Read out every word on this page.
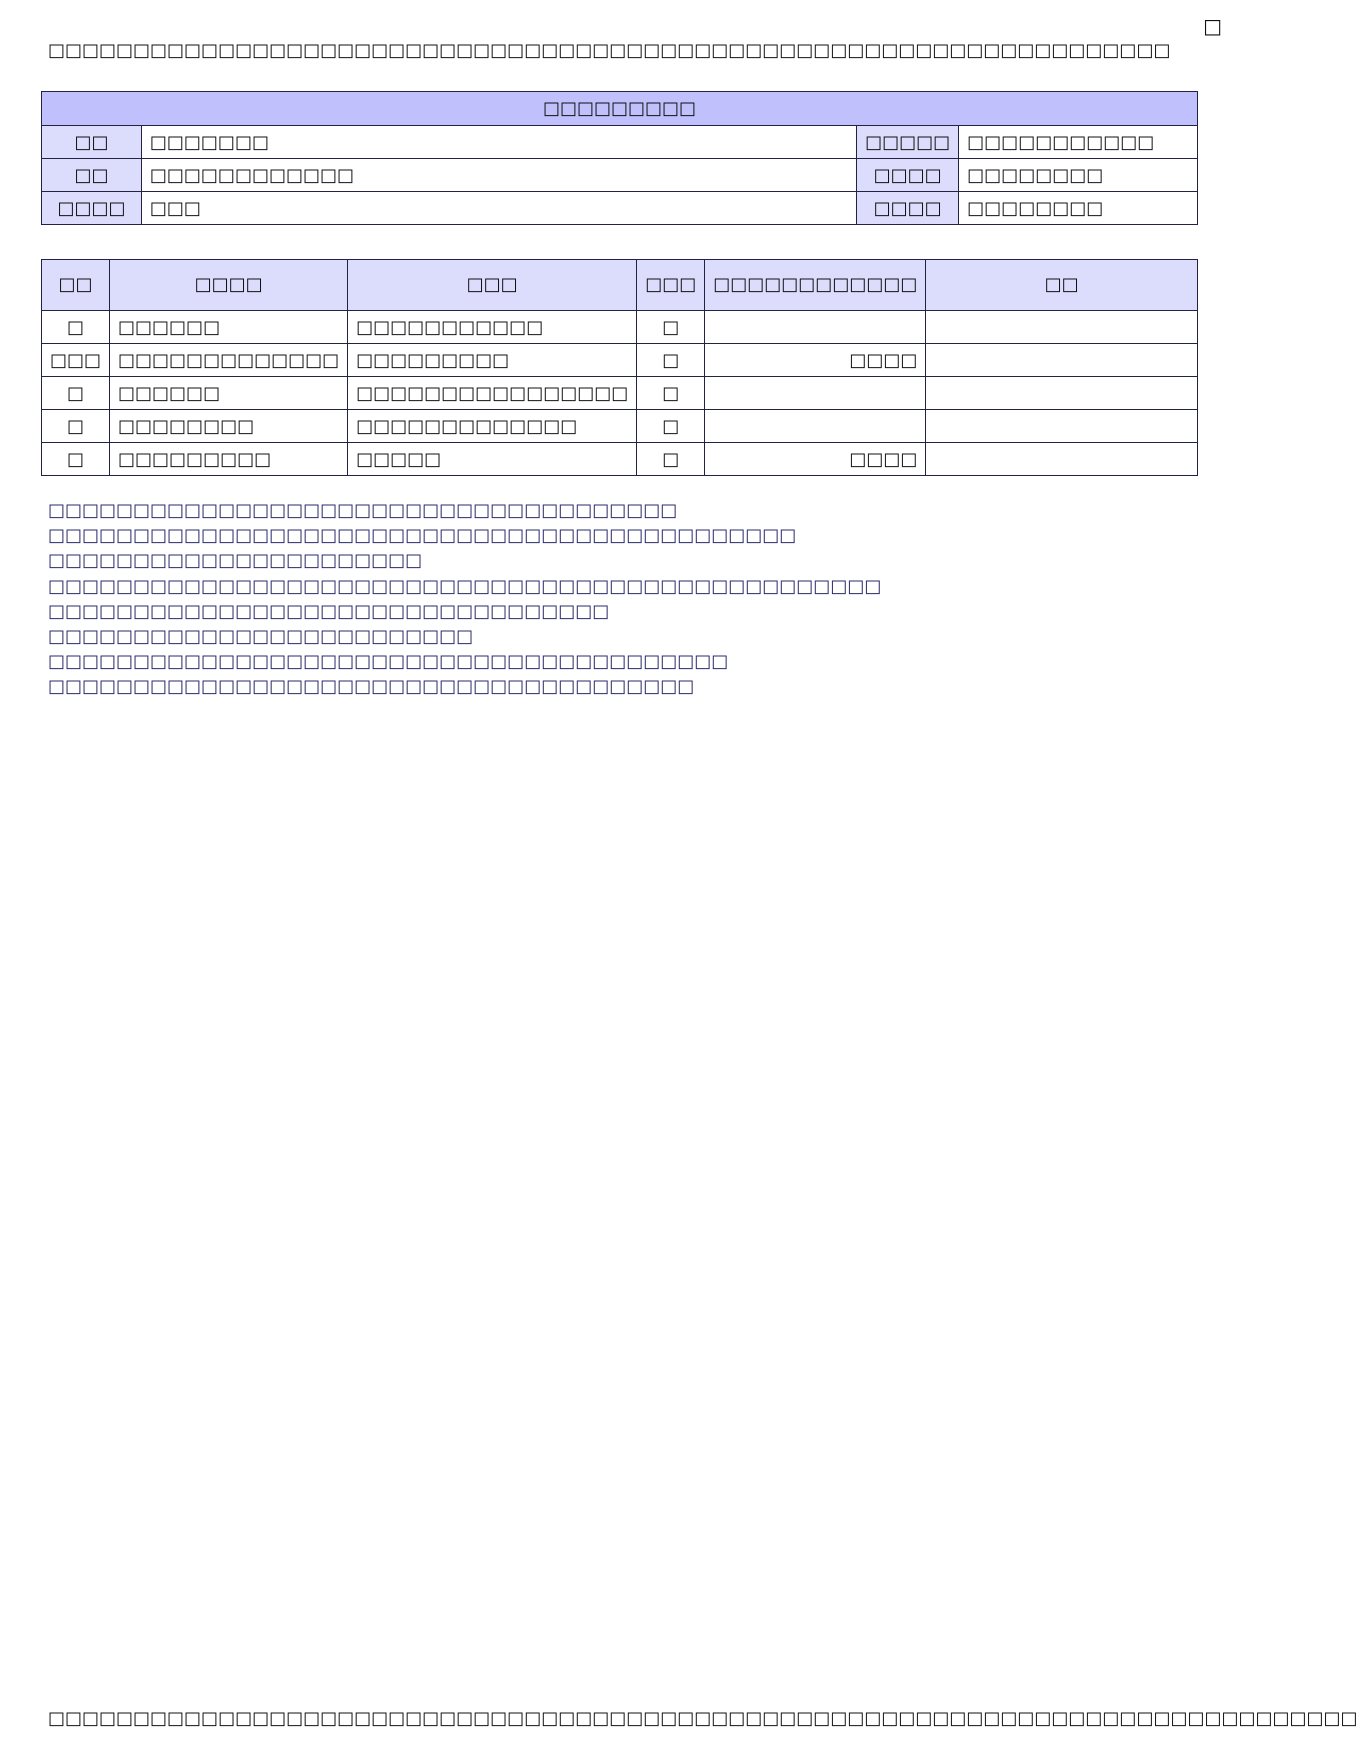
□
□□□□□□□□□□□□□□□□□□□□□□□□□□□□□□□□□□□□□□□□□□□□□□□□□□□□□□□□□□□□□□□□□□
□□□□□□□□□			
□□	□□□□□□□	□□□□□	□□□□□□□□□□□
□□	□□□□□□□□□□□□	□□□□	□□□□□□□□
□□□□	□□□	□□□□	□□□□□□□□
□□	□□□□	□□□	□□□	□□□□□□□□□□□□	□□
□	□□□□□□	□□□□□□□□□□□	□		
□□□	□□□□□□□□□□□□□	□□□□□□□□□	□	□□□□	
□	□□□□□□	□□□□□□□□□□□□□□□□	□		
□	□□□□□□□□	□□□□□□□□□□□□□	□		
□	□□□□□□□□□	□□□□□	□	□□□□	
□□□□□□□□□□□□□□□□□□□□□□□□□□□□□□□□□□□□□
□□□□□□□□□□□□□□□□□□□□□□□□□□□□□□□□□□□□□□□□□□□□
□□□□□□□□□□□□□□□□□□□□□□
□□□□□□□□□□□□□□□□□□□□□□□□□□□□□□□□□□□□□□□□□□□□□□□□□
□□□□□□□□□□□□□□□□□□□□□□□□□□□□□□□□□
□□□□□□□□□□□□□□□□□□□□□□□□□
□□□□□□□□□□□□□□□□□□□□□□□□□□□□□□□□□□□□□□□□
□□□□□□□□□□□□□□□□□□□□□□□□□□□□□□□□□□□□□□
□□□□□□□□□□□□□□□□□□□□□□□□□□□□□□□□□□□□□□□□□□□□□□□□□□□□□□□□□□□□□□□□□□□□□□□□□□□□□
